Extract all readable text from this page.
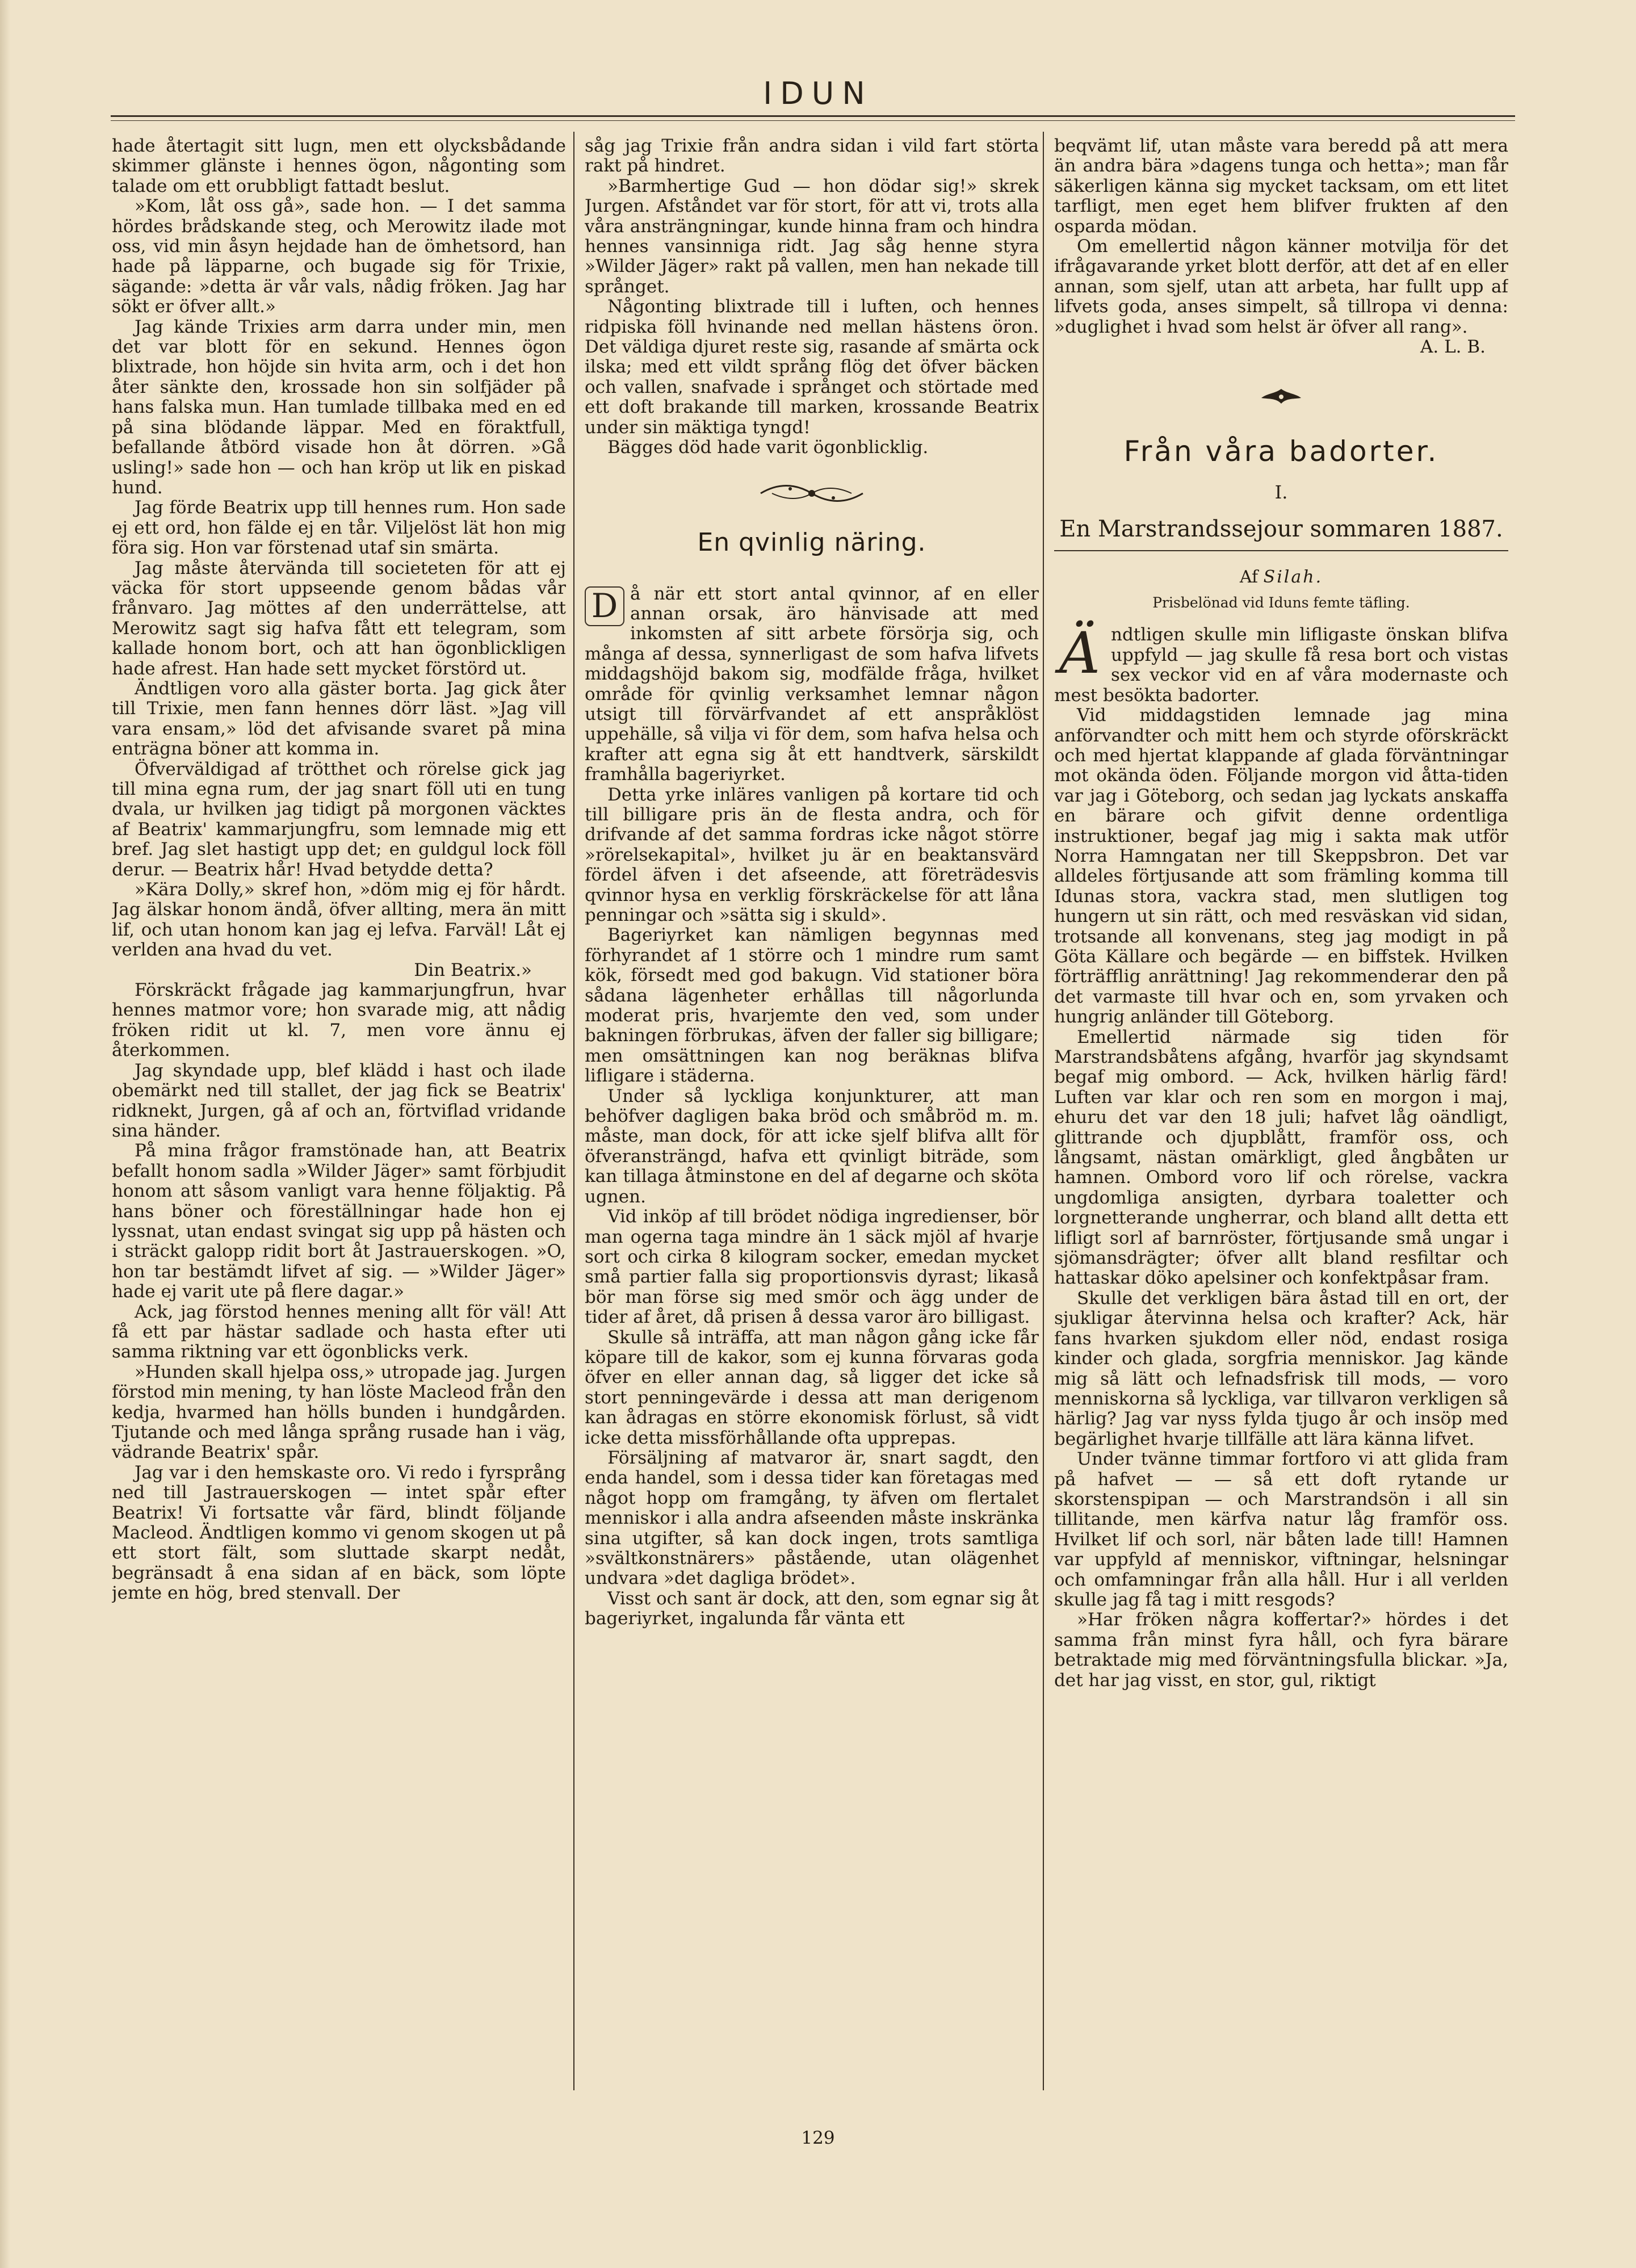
IDUN

hade återtagit sitt lugn, men ett olycksbådande skimmer glänste i hennes ögon, någonting som talade om ett orubbligt fattadt beslut.

»Kom, låt oss gå», sade hon. — I det samma hördes brådskande steg, och Merowitz ilade mot oss, vid min åsyn hejdade han de ömhetsord, han hade på läpparne, och bugade sig för Trixie, sägande: »detta är vår vals, nådig fröken. Jag har sökt er öfver allt.»

Jag kände Trixies arm darra under min, men det var blott för en sekund. Hennes ögon blixtrade, hon höjde sin hvita arm, och i det hon åter sänkte den, krossade hon sin solfjäder på hans falska mun. Han tumlade tillbaka med en ed på sina blödande läppar. Med en föraktfull, befallande åtbörd visade hon åt dörren. »Gå usling!» sade hon — och han kröp ut lik en piskad hund.

Jag förde Beatrix upp till hennes rum. Hon sade ej ett ord, hon fälde ej en tår. Viljelöst lät hon mig föra sig. Hon var förstenad utaf sin smärta.

Jag måste återvända till societeten för att ej väcka för stort uppseende genom bådas vår frånvaro. Jag möttes af den underrättelse, att Merowitz sagt sig hafva fått ett telegram, som kallade honom bort, och att han ögonblickligen hade afrest. Han hade sett mycket förstörd ut.

Ändtligen voro alla gäster borta. Jag gick åter till Trixie, men fann hennes dörr läst. »Jag vill vara ensam,» löd det afvisande svaret på mina enträgna böner att komma in.

Öfverväldigad af trötthet och rörelse gick jag till mina egna rum, der jag snart föll uti en tung dvala, ur hvilken jag tidigt på morgonen väcktes af Beatrix' kammarjungfru, som lemnade mig ett bref. Jag slet hastigt upp det; en guldgul lock föll derur. — Beatrix hår! Hvad betydde detta?

»Kära Dolly,» skref hon, »döm mig ej för hårdt. Jag älskar honom ändå, öfver allting, mera än mitt lif, och utan honom kan jag ej lefva. Farväl! Låt ej verlden ana hvad du vet.

Din Beatrix.»

Förskräckt frågade jag kammarjungfrun, hvar hennes matmor vore; hon svarade mig, att nådig fröken ridit ut kl. 7, men vore ännu ej återkommen.

Jag skyndade upp, blef klädd i hast och ilade obemärkt ned till stallet, der jag fick se Beatrix' ridknekt, Jurgen, gå af och an, förtviflad vridande sina händer.

På mina frågor framstönade han, att Beatrix befallt honom sadla »Wilder Jäger» samt förbjudit honom att såsom vanligt vara henne följaktig. På hans böner och föreställningar hade hon ej lyssnat, utan endast svingat sig upp på hästen och i sträckt galopp ridit bort åt Jastrauerskogen. »O, hon tar bestämdt lifvet af sig. — »Wilder Jäger» hade ej varit ute på flere dagar.»

Ack, jag förstod hennes mening allt för väl! Att få ett par hästar sadlade och hasta efter uti samma riktning var ett ögonblicks verk.

»Hunden skall hjelpa oss,» utropade jag. Jurgen förstod min mening, ty han löste Macleod från den kedja, hvarmed han hölls bunden i hundgården. Tjutande och med långa språng rusade han i väg, vädrande Beatrix' spår.

Jag var i den hemskaste oro. Vi redo i fyrsprång ned till Jastrauerskogen — intet spår efter Beatrix! Vi fortsatte vår färd, blindt följande Macleod. Ändtligen kommo vi genom skogen ut på ett stort fält, som sluttade skarpt nedåt, begränsadt å ena sidan af en bäck, som löpte jemte en hög, bred stenvall. Der

såg jag Trixie från andra sidan i vild fart störta rakt på hindret.

»Barmhertige Gud — hon dödar sig!» skrek Jurgen. Afståndet var för stort, för att vi, trots alla våra ansträngningar, kunde hinna fram och hindra hennes vansinniga ridt. Jag såg henne styra »Wilder Jäger» rakt på vallen, men han nekade till språnget.

Någonting blixtrade till i luften, och hennes ridpiska föll hvinande ned mellan hästens öron. Det väldiga djuret reste sig, rasande af smärta ock ilska; med ett vildt språng flög det öfver bäcken och vallen, snafvade i språnget och störtade med ett doft brakande till marken, krossande Beatrix under sin mäktiga tyngd!

Bägges död hade varit ögonblicklig.

En qvinlig näring.

D å när ett stort antal qvinnor, af en eller annan orsak, äro hänvisade att med inkomsten af sitt arbete försörja sig, och många af dessa, synnerligast de som hafva lifvets middagshöjd bakom sig, modfälde fråga, hvilket område för qvinlig verksamhet lemnar någon utsigt till förvärfvandet af ett anspråklöst uppehälle, så vilja vi för dem, som hafva helsa och krafter att egna sig åt ett handtverk, särskildt framhålla bageriyrket.

Detta yrke inläres vanligen på kortare tid och till billigare pris än de flesta andra, och för drifvande af det samma fordras icke något större »rörelsekapital», hvilket ju är en beaktansvärd fördel äfven i det afseende, att företrädesvis qvinnor hysa en verklig förskräckelse för att låna penningar och »sätta sig i skuld».

Bageriyrket kan nämligen begynnas med förhyrandet af 1 större och 1 mindre rum samt kök, försedt med god bakugn. Vid stationer böra sådana lägenheter erhållas till någorlunda moderat pris, hvarjemte den ved, som under bakningen förbrukas, äfven der faller sig billigare; men omsättningen kan nog beräknas blifva lifligare i städerna.

Under så lyckliga konjunkturer, att man behöfver dagligen baka bröd och småbröd m. m. måste, man dock, för att icke sjelf blifva allt för öfveransträngd, hafva ett qvinligt biträde, som kan tillaga åtminstone en del af degarne och sköta ugnen.

Vid inköp af till brödet nödiga ingredienser, bör man ogerna taga mindre än 1 säck mjöl af hvarje sort och cirka 8 kilogram socker, emedan mycket små partier falla sig proportionsvis dyrast; likaså bör man förse sig med smör och ägg under de tider af året, då prisen å dessa varor äro billigast.

Skulle så inträffa, att man någon gång icke får köpare till de kakor, som ej kunna förvaras goda öfver en eller annan dag, så ligger det icke så stort penningevärde i dessa att man derigenom kan ådragas en större ekonomisk förlust, så vidt icke detta missförhållande ofta upprepas.

Försäljning af matvaror är, snart sagdt, den enda handel, som i dessa tider kan företagas med något hopp om framgång, ty äfven om flertalet menniskor i alla andra afseenden måste inskränka sina utgifter, så kan dock ingen, trots samtliga »svältkonstnärers» påstående, utan olägenhet undvara »det dagliga brödet».

Visst och sant är dock, att den, som egnar sig åt bageriyrket, ingalunda får vänta ett

beqvämt lif, utan måste vara beredd på att mera än andra bära »dagens tunga och hetta»; man får säkerligen känna sig mycket tacksam, om ett litet tarfligt, men eget hem blifver frukten af den osparda mödan.

Om emellertid någon känner motvilja för det ifrågavarande yrket blott derför, att det af en eller annan, som sjelf, utan att arbeta, har fullt upp af lifvets goda, anses simpelt, så tillropa vi denna: »duglighet i hvad som helst är öfver all rang».

A. L. B.

Från våra badorter.
I.
En Marstrandssejour sommaren 1887.
Af Silah.
Prisbelönad vid Iduns femte täfling.

Ändtligen skulle min lifligaste önskan blifva uppfyld — jag skulle få resa bort och vistas sex veckor vid en af våra modernaste och mest besökta badorter.

Vid middagstiden lemnade jag mina anförvandter och mitt hem och styrde oförskräckt och med hjertat klappande af glada förväntningar mot okända öden. Följande morgon vid åtta-tiden var jag i Göteborg, och sedan jag lyckats anskaffa en bärare och gifvit denne ordentliga instruktioner, begaf jag mig i sakta mak utför Norra Hamngatan ner till Skeppsbron. Det var alldeles förtjusande att som främling komma till Idunas stora, vackra stad, men slutligen tog hungern ut sin rätt, och med resväskan vid sidan, trotsande all konvenans, steg jag modigt in på Göta Källare och begärde — en biffstek. Hvilken förträfflig anrättning! Jag rekommenderar den på det varmaste till hvar och en, som yrvaken och hungrig anländer till Göteborg.

Emellertid närmade sig tiden för Marstrandsbåtens afgång, hvarför jag skyndsamt begaf mig ombord. — Ack, hvilken härlig färd! Luften var klar och ren som en morgon i maj, ehuru det var den 18 juli; hafvet låg oändligt, glittrande och djupblått, framför oss, och långsamt, nästan omärkligt, gled ångbåten ur hamnen. Ombord voro lif och rörelse, vackra ungdomliga ansigten, dyrbara toaletter och lorgnetterande ungherrar, och bland allt detta ett lifligt sorl af barnröster, förtjusande små ungar i sjömansdrägter; öfver allt bland resfiltar och hattaskar döko apelsiner och konfektpåsar fram.

Skulle det verkligen bära åstad till en ort, der sjukligar återvinna helsa och krafter? Ack, här fans hvarken sjukdom eller nöd, endast rosiga kinder och glada, sorgfria menniskor. Jag kände mig så lätt och lefnadsfrisk till mods, — voro menniskorna så lyckliga, var tillvaron verkligen så härlig? Jag var nyss fylda tjugo år och insöp med begärlighet hvarje tillfälle att lära känna lifvet.

Under tvänne timmar fortforo vi att glida fram på hafvet — — så ett doft rytande ur skorstenspipan — och Marstrandsön i all sin tillitande, men kärfva natur låg framför oss. Hvilket lif och sorl, när båten lade till! Hamnen var uppfyld af menniskor, viftningar, helsningar och omfamningar från alla håll. Hur i all verlden skulle jag få tag i mitt resgods?

»Har fröken några koffertar?» hördes i det samma från minst fyra håll, och fyra bärare betraktade mig med förväntningsfulla blickar. »Ja, det har jag visst, en stor, gul, riktigt

129
